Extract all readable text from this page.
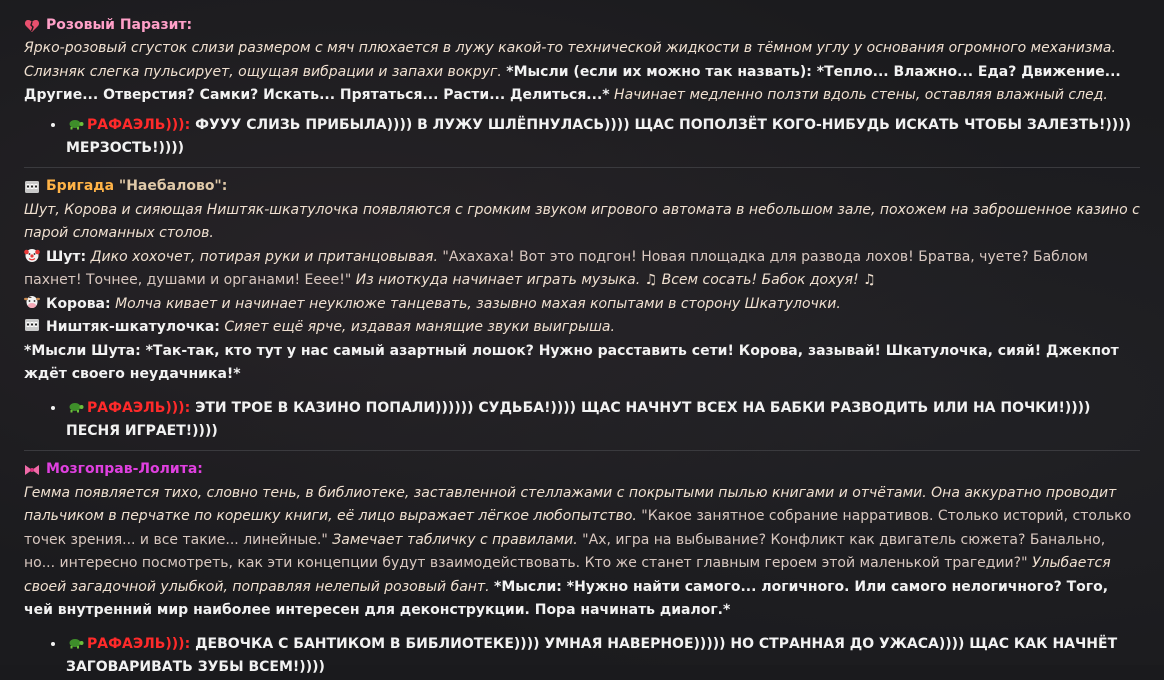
Розовый Паразит:

Ярко-розовый сгусток слизи размером с мяч плюхается в лужу какой-то технической жидкости в тёмном углу у основания огромного механизма. Слизняк слегка пульсирует, ощущая вибрации и запахи вокруг. *Мысли (если их можно так назвать): *Тепло... Влажно... Еда? Движение... Другие... Отверстия? Самки? Искать... Прятаться... Расти... Делиться...* Начинает медленно ползти вдоль стены, оставляя влажный след.

• РАФАЭЛЬ))): ФУУУ СЛИЗЬ ПРИБЫЛА)))) В ЛУЖУ ШЛЁПНУЛАСЬ)))) ЩАС ПОПОЛЗЁТ КОГО-НИБУДЬ ИСКАТЬ ЧТОБЫ ЗАЛЕЗТЬ!)))) МЕРЗОСТЬ!))))
Бригада
"Наебалово":

Шут, Корова и сияющая Ништяк-шкатулочка появляются с громким звуком игрового автомата в небольшом зале, похожем на заброшенное казино с парой сломанных столов.

Шут: Дико хохочет, потирая руки и пританцовывая. "Ахахаха! Вот это подгон! Новая площадка для развода лохов! Братва, чуете? Баблом пахнет! Точнее, душами и органами! Ееее!" Из ниоткуда начинает играть музыка. ♫ Всем сосать! Бабок дохуя! ♫

Корова: Молча кивает и начинает неуклюже танцевать, зазывно махая копытами в сторону Шкатулочки.

Ништяк-шкатулочка: Сияет ещё ярче, издавая манящие звуки выигрыша.

*Мысли Шута: *Так-так, кто тут у нас самый азартный лошок? Нужно расставить сети! Корова, зазывай! Шкатулочка, сияй! Джекпот ждёт своего неудачника!*

• РАФАЭЛЬ))): ЭТИ ТРОЕ В КАЗИНО ПОПАЛИ)))))) СУДЬБА!)))) ЩАС НАЧНУТ ВСЕХ НА БАБКИ РАЗВОДИТЬ ИЛИ НА ПОЧКИ!)))) ПЕСНЯ ИГРАЕТ!))))
Мозгоправ-Лолита:

Гемма появляется тихо, словно тень, в библиотеке, заставленной стеллажами с покрытыми пылью книгами и отчётами. Она аккуратно проводит пальчиком в перчатке по корешку книги, её лицо выражает лёгкое любопытство. "Какое занятное собрание нарративов. Столько историй, столько точек зрения... и все такие... линейные." Замечает табличку с правилами. "Ах, игра на выбывание? Конфликт как двигатель сюжета? Банально, но... интересно посмотреть, как эти концепции будут взаимодействовать. Кто же станет главным героем этой маленькой трагедии?" Улыбается своей загадочной улыбкой, поправляя нелепый розовый бант. *Мысли: *Нужно найти самого... логичного. Или самого нелогичного? Того, чей внутренний мир наиболее интересен для деконструкции. Пора начинать диалог.*

• РАФАЭЛЬ))): ДЕВОЧКА С БАНТИКОМ В БИБЛИОТЕКЕ)))) УМНАЯ НАВЕРНОЕ))))) НО СТРАННАЯ ДО УЖАСА)))) ЩАС КАК НАЧНЁТ ЗАГОВАРИВАТЬ ЗУБЫ ВСЕМ!))))
